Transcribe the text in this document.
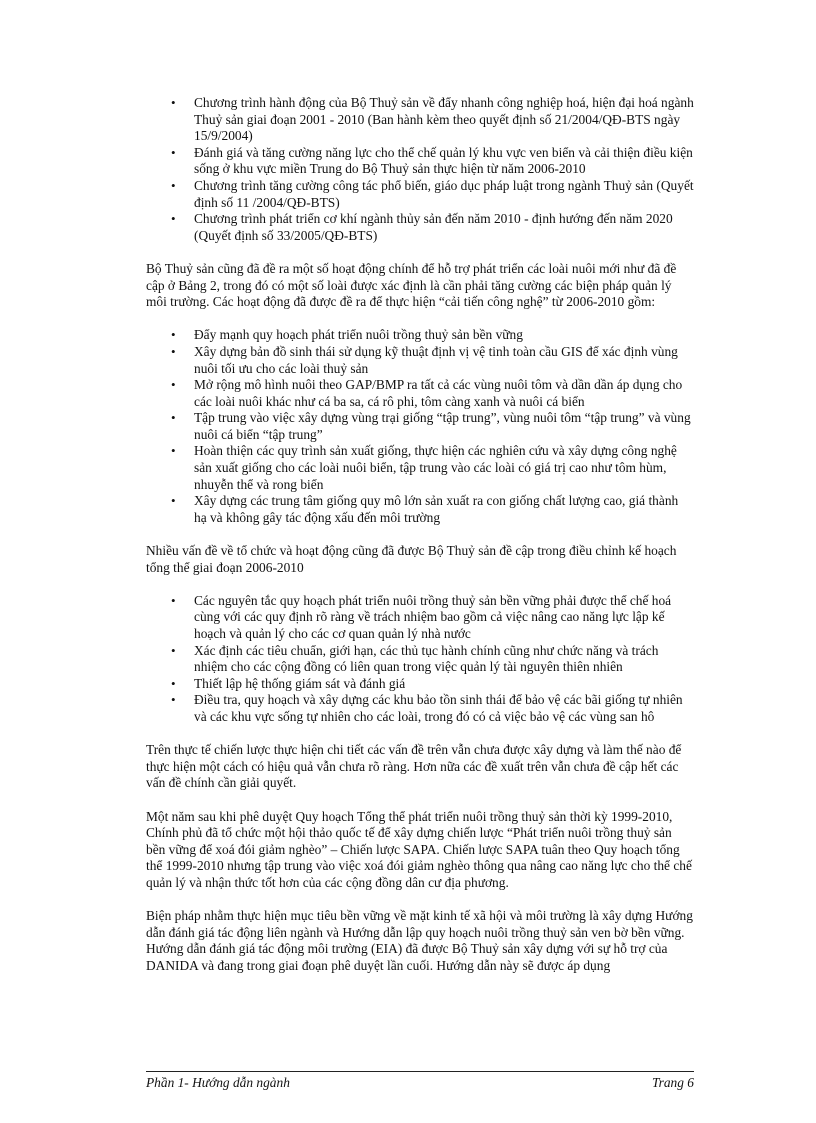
• Chương trình hành động của Bộ Thuỷ sản về đẩy nhanh công nghiệp hoá, hiện đại hoá ngành Thuỷ sản giai đoạn 2001 - 2010 (Ban hành kèm theo quyết định số 21/2004/QĐ-BTS ngày 15/9/2004)
• Đánh giá và tăng cường năng lực cho thể chế quản lý khu vực ven biển và cải thiện điều kiện sống ở khu vực miền Trung do Bộ Thuỷ sản thực hiện từ năm 2006-2010
• Chương trình tăng cường công tác phổ biến, giáo dục pháp luật trong ngành Thuỷ sản (Quyết định số 11 /2004/QĐ-BTS)
• Chương trình phát triển cơ khí ngành thủy sản đến năm 2010 - định hướng đến năm 2020 (Quyết định số 33/2005/QĐ-BTS)

Bộ Thuỷ sản cũng đã đề ra một số hoạt động chính để hỗ trợ phát triển các loài nuôi mới như đã đề cập ở Bảng 2, trong đó có một số loài được xác định là cần phải tăng cường các biện pháp quản lý môi trường. Các hoạt động đã được đề ra để thực hiện “cải tiến công nghệ” từ 2006-2010 gồm:

• Đẩy mạnh quy hoạch phát triển nuôi trồng thuỷ sản bền vững
• Xây dựng bản đồ sinh thái sử dụng kỹ thuật định vị vệ tinh toàn cầu GIS để xác định vùng nuôi tối ưu cho các loài thuỷ sản
• Mở rộng mô hình nuôi theo GAP/BMP ra tất cả các vùng nuôi tôm và dần dần áp dụng cho các loài nuôi khác như cá ba sa, cá rô phi, tôm càng xanh và nuôi cá biển
• Tập trung vào việc xây dựng vùng trại giống “tập trung”, vùng nuôi tôm “tập trung” và vùng nuôi cá biển “tập trung”
• Hoàn thiện các quy trình sản xuất giống, thực hiện các nghiên cứu và xây dựng công nghệ sản xuất giống cho các loài nuôi biển, tập trung vào các loài có giá trị cao như tôm hùm, nhuyễn thể và rong biển
• Xây dựng các trung tâm giống quy mô lớn sản xuất ra con giống chất lượng cao, giá thành hạ và không gây tác động xấu đến môi trường

Nhiều vấn đề về tổ chức và hoạt động cũng đã được Bộ Thuỷ sản đề cập trong điều chỉnh kế hoạch tổng thể giai đoạn 2006-2010

• Các nguyên tắc quy hoạch phát triển nuôi trồng thuỷ sản bền vững phải được thể chế hoá cùng với các quy định rõ ràng về trách nhiệm bao gồm cả việc nâng cao năng lực lập kế hoạch và quản lý cho các cơ quan quản lý nhà nước
• Xác định các tiêu chuẩn, giới hạn, các thủ tục hành chính cũng như chức năng và trách nhiệm cho các cộng đồng có liên quan trong việc quản lý tài nguyên thiên nhiên
• Thiết lập hệ thống giám sát và đánh giá
• Điều tra, quy hoạch và xây dựng các khu bảo tồn sinh thái để bảo vệ các bãi giống tự nhiên và các khu vực sống tự nhiên cho các loài, trong đó có cả việc bảo vệ các vùng san hô

Trên thực tế chiến lược thực hiện chi tiết các vấn đề trên vẫn chưa được xây dựng và làm thế nào để thực hiện một cách có hiệu quả vẫn chưa rõ ràng. Hơn nữa các đề xuất trên vẫn chưa đề cập hết các vấn đề chính cần giải quyết.

Một năm sau khi phê duyệt Quy hoạch Tổng thể phát triển nuôi trồng thuỷ sản thời kỳ 1999-2010, Chính phủ đã tổ chức một hội thảo quốc tế để xây dựng chiến lược “Phát triển nuôi trồng thuỷ sản bền vững để xoá đói giảm nghèo” – Chiến lược SAPA. Chiến lược SAPA tuân theo Quy hoạch tổng thể 1999-2010 nhưng tập trung vào việc xoá đói giảm nghèo thông qua nâng cao năng lực cho thể chế quản lý và nhận thức tốt hơn của các cộng đồng dân cư địa phương.

Biện pháp nhằm thực hiện mục tiêu bền vững về mặt kinh tế xã hội và môi trường là xây dựng Hướng dẫn đánh giá tác động liên ngành và Hướng dẫn lập quy hoạch nuôi trồng thuỷ sản ven bờ bền vững. Hướng dẫn đánh giá tác động môi trường (EIA) đã được Bộ Thuỷ sản xây dựng với sự hỗ trợ của DANIDA và đang trong giai đoạn phê duyệt lần cuối. Hướng dẫn này sẽ được áp dụng

Phần 1- Hướng dẫn ngành	Trang 6
